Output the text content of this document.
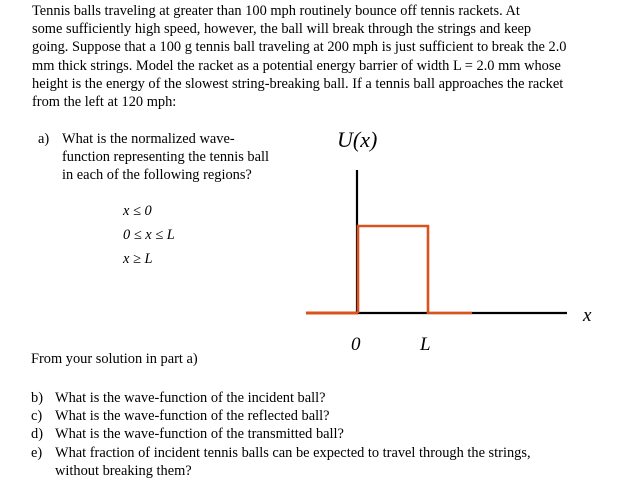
Tennis balls traveling at greater than 100 mph routinely bounce off tennis rackets. At
some sufficiently high speed, however, the ball will break through the strings and keep
going. Suppose that a 100 g tennis ball traveling at 200 mph is just sufficient to break the 2.0
mm thick strings. Model the racket as a potential energy barrier of width L = 2.0 mm whose
height is the energy of the slowest string-breaking ball. If a tennis ball approaches the racket
from the left at 120 mph:
a) What is the normalized wave-
function representing the tennis ball
in each of the following regions?
x ≤ 0
0 ≤ x ≤ L
x ≥ L
U(x)
x
0	L
From your solution in part a)
b) What is the wave-function of the incident ball?
c) What is the wave-function of the reflected ball?
d) What is the wave-function of the transmitted ball?
e) What fraction of incident tennis balls can be expected to travel through the strings,
without breaking them?
